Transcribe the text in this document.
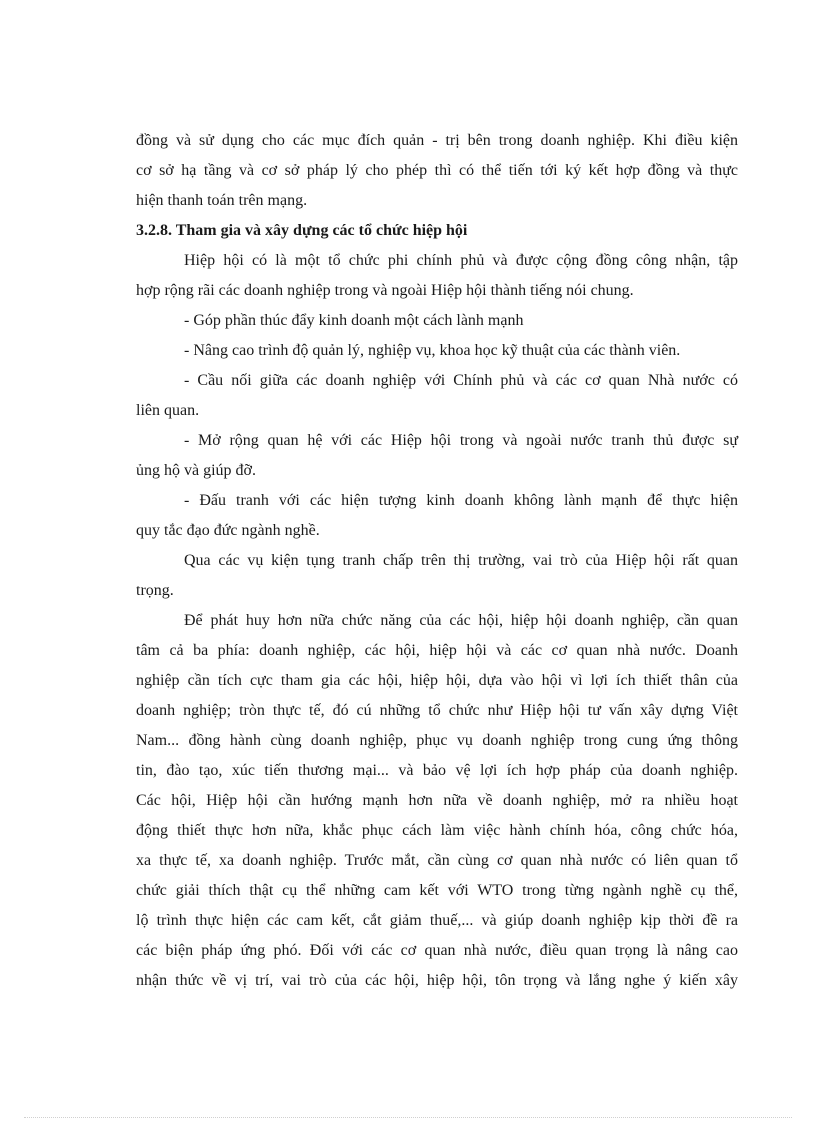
đồng và sử dụng cho các mục đích quản - trị bên trong doanh nghiệp. Khi điều kiện
cơ sở hạ tầng và cơ sở pháp lý cho phép thì có thể tiến tới ký kết hợp đồng và thực
hiện thanh toán trên mạng.
3.2.8. Tham gia và xây dựng các tổ chức hiệp hội
Hiệp hội có là một tổ chức phi chính phủ và được cộng đồng công nhận, tập
hợp rộng rãi các doanh nghiệp trong và ngoài Hiệp hội thành tiếng nói chung.
- Góp phần thúc đẩy kinh doanh một cách lành mạnh
- Nâng cao trình độ quản lý, nghiệp vụ, khoa học kỹ thuật của các thành viên.
- Cầu nối giữa các doanh nghiệp với Chính phủ và các cơ quan Nhà nước có
liên quan.
- Mở rộng quan hệ với các Hiệp hội trong và ngoài nước tranh thủ được sự
ủng hộ và giúp đỡ.
- Đấu tranh với các hiện tượng kinh doanh không lành mạnh để thực hiện
quy tắc đạo đức ngành nghề.
Qua các vụ kiện tụng tranh chấp trên thị trường, vai trò của Hiệp hội rất quan
trọng.
Để phát huy hơn nữa chức năng của các hội, hiệp hội doanh nghiệp, cần quan
tâm cả ba phía: doanh nghiệp, các hội, hiệp hội và các cơ quan nhà nước. Doanh
nghiệp cần tích cực tham gia các hội, hiệp hội, dựa vào hội vì lợi ích thiết thân của
doanh nghiệp; tròn thực tế, đó cú những tổ chức như Hiệp hội tư vấn xây dựng Việt
Nam... đồng hành cùng doanh nghiệp, phục vụ doanh nghiệp trong cung ứng thông
tin, đào tạo, xúc tiến thương mại... và bảo vệ lợi ích hợp pháp của doanh nghiệp.
Các hội, Hiệp hội cần hướng mạnh hơn nữa về doanh nghiệp, mở ra nhiều hoạt
động thiết thực hơn nữa, khắc phục cách làm việc hành chính hóa, công chức hóa,
xa thực tế, xa doanh nghiệp. Trước mắt, cần cùng cơ quan nhà nước có liên quan tổ
chức giải thích thật cụ thể những cam kết với WTO trong từng ngành nghề cụ thể,
lộ trình thực hiện các cam kết, cắt giảm thuế,... và giúp doanh nghiệp kịp thời đề ra
các biện pháp ứng phó. Đối với các cơ quan nhà nước, điều quan trọng là nâng cao
nhận thức về vị trí, vai trò của các hội, hiệp hội, tôn trọng và lắng nghe ý kiến xây
